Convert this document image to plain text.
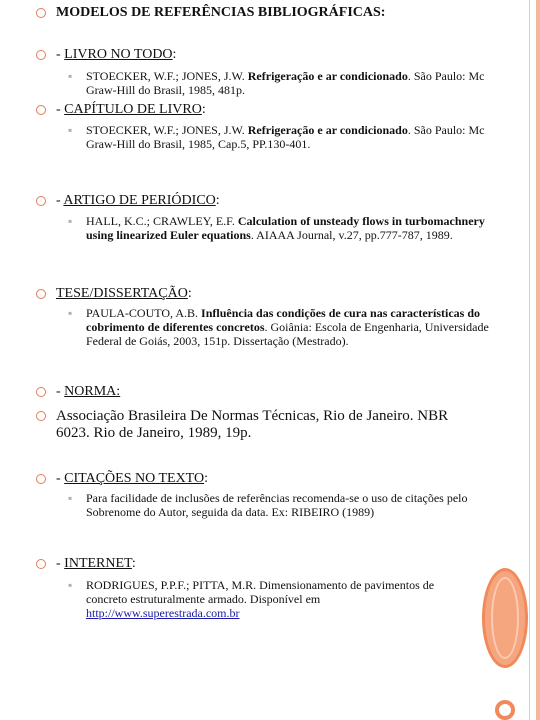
MODELOS DE REFERÊNCIAS BIBLIOGRÁFICAS:
- LIVRO NO TODO:
▪ STOECKER, W.F.; JONES, J.W. Refrigeração e ar condicionado. São Paulo: Mc Graw-Hill do Brasil, 1985, 481p.
- CAPÍTULO DE LIVRO:
▪ STOECKER, W.F.; JONES, J.W. Refrigeração e ar condicionado. São Paulo: Mc Graw-Hill do Brasil, 1985, Cap.5, PP.130-401.
- ARTIGO DE PERIÓDICO:
▪ HALL, K.C.; CRAWLEY, E.F. Calculation of unsteady flows in turbomachnery using linearized Euler equations. AIAAA Journal, v.27, pp.777-787, 1989.
TESE/DISSERTAÇÃO:
▪ PAULA-COUTO, A.B. Influência das condições de cura nas características do cobrimento de diferentes concretos. Goiânia: Escola de Engenharia, Universidade Federal de Goiás, 2003, 151p. Dissertação (Mestrado).
- NORMA:
Associação Brasileira De Normas Técnicas, Rio de Janeiro. NBR 6023. Rio de Janeiro, 1989, 19p.
- CITAÇÕES NO TEXTO:
▪ Para facilidade de inclusões de referências recomenda-se o uso de citações pelo Sobrenome do Autor, seguida da data. Ex: RIBEIRO (1989)
- INTERNET:
▪ RODRIGUES, P.P.F.; PITTA, M.R. Dimensionamento de pavimentos de concreto estruturalmente armado. Disponível em http://www.superestrada.com.br
